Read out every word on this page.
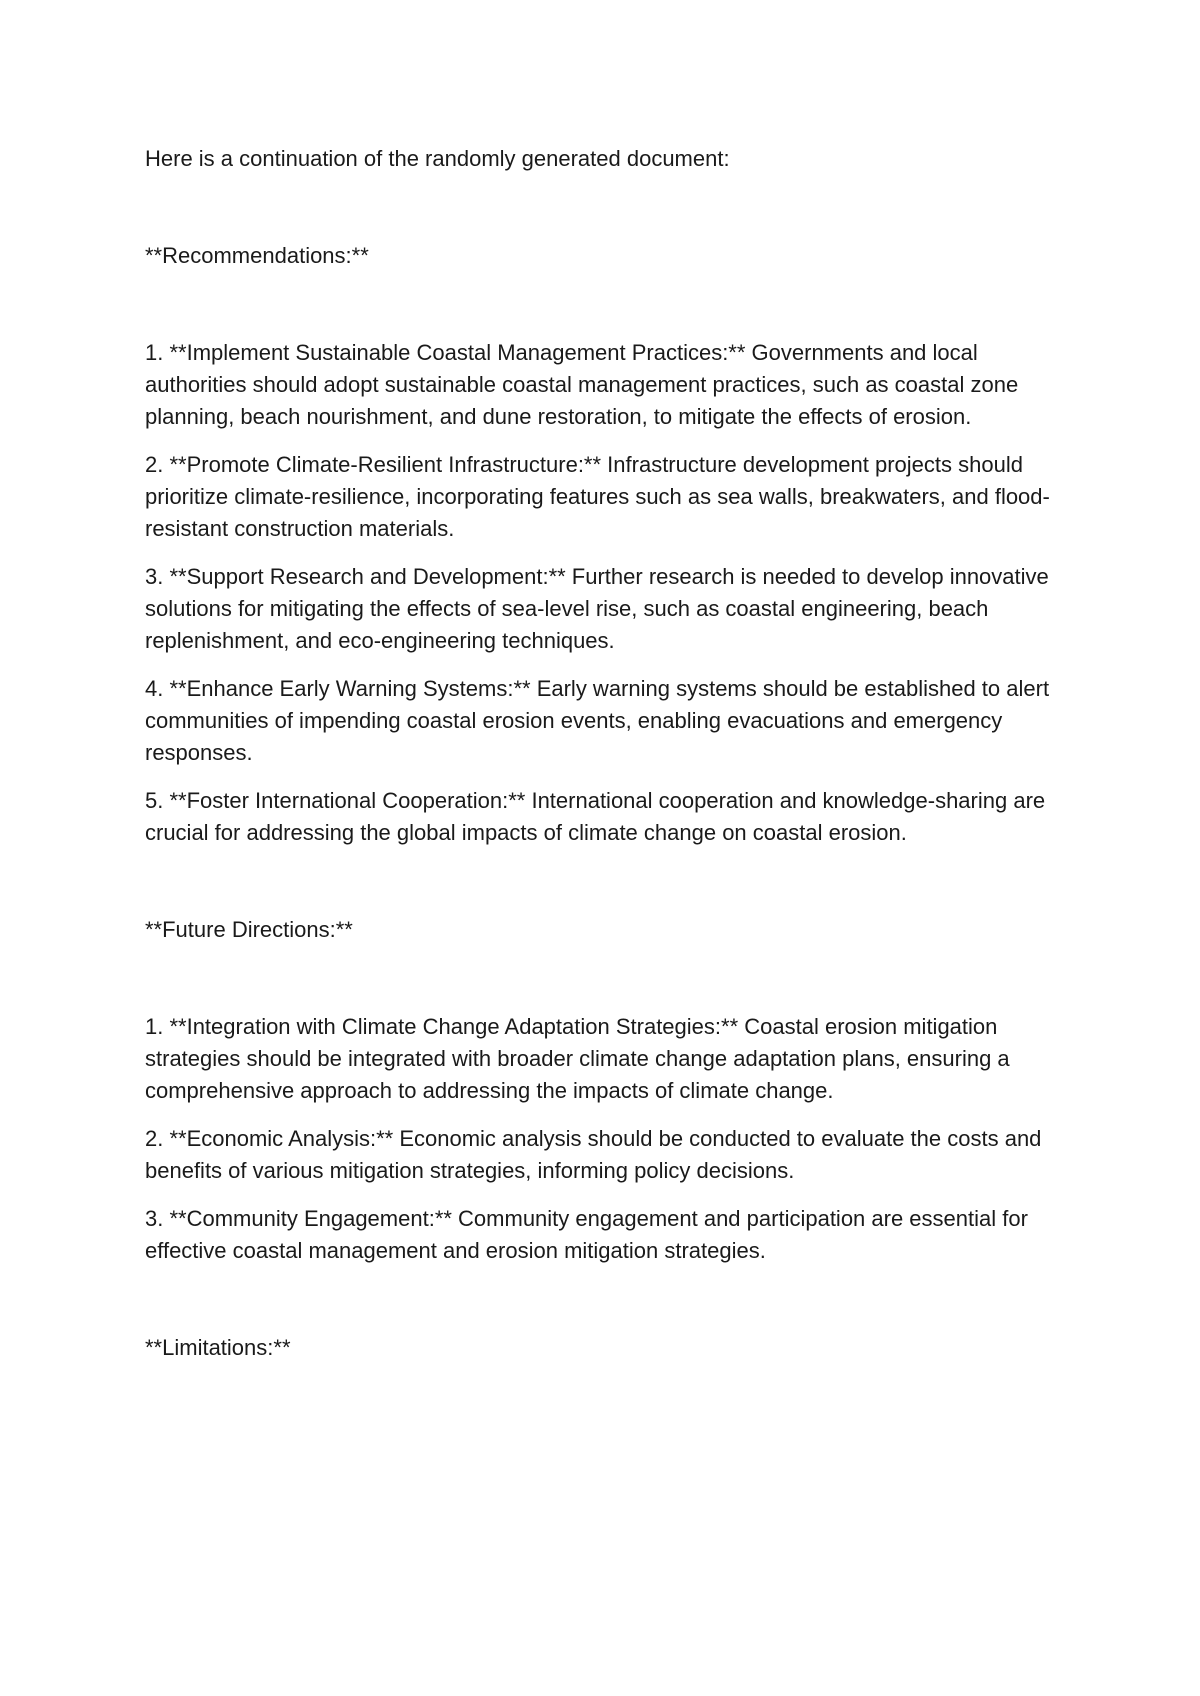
Here is a continuation of the randomly generated document:

**Recommendations:**

1. **Implement Sustainable Coastal Management Practices:** Governments and local authorities should adopt sustainable coastal management practices, such as coastal zone planning, beach nourishment, and dune restoration, to mitigate the effects of erosion.

2. **Promote Climate-Resilient Infrastructure:** Infrastructure development projects should prioritize climate-resilience, incorporating features such as sea walls, breakwaters, and flood-resistant construction materials.

3. **Support Research and Development:** Further research is needed to develop innovative solutions for mitigating the effects of sea-level rise, such as coastal engineering, beach replenishment, and eco-engineering techniques.

4. **Enhance Early Warning Systems:** Early warning systems should be established to alert communities of impending coastal erosion events, enabling evacuations and emergency responses.

5. **Foster International Cooperation:** International cooperation and knowledge-sharing are crucial for addressing the global impacts of climate change on coastal erosion.

**Future Directions:**

1. **Integration with Climate Change Adaptation Strategies:** Coastal erosion mitigation strategies should be integrated with broader climate change adaptation plans, ensuring a comprehensive approach to addressing the impacts of climate change.

2. **Economic Analysis:** Economic analysis should be conducted to evaluate the costs and benefits of various mitigation strategies, informing policy decisions.

3. **Community Engagement:** Community engagement and participation are essential for effective coastal management and erosion mitigation strategies.

**Limitations:**
